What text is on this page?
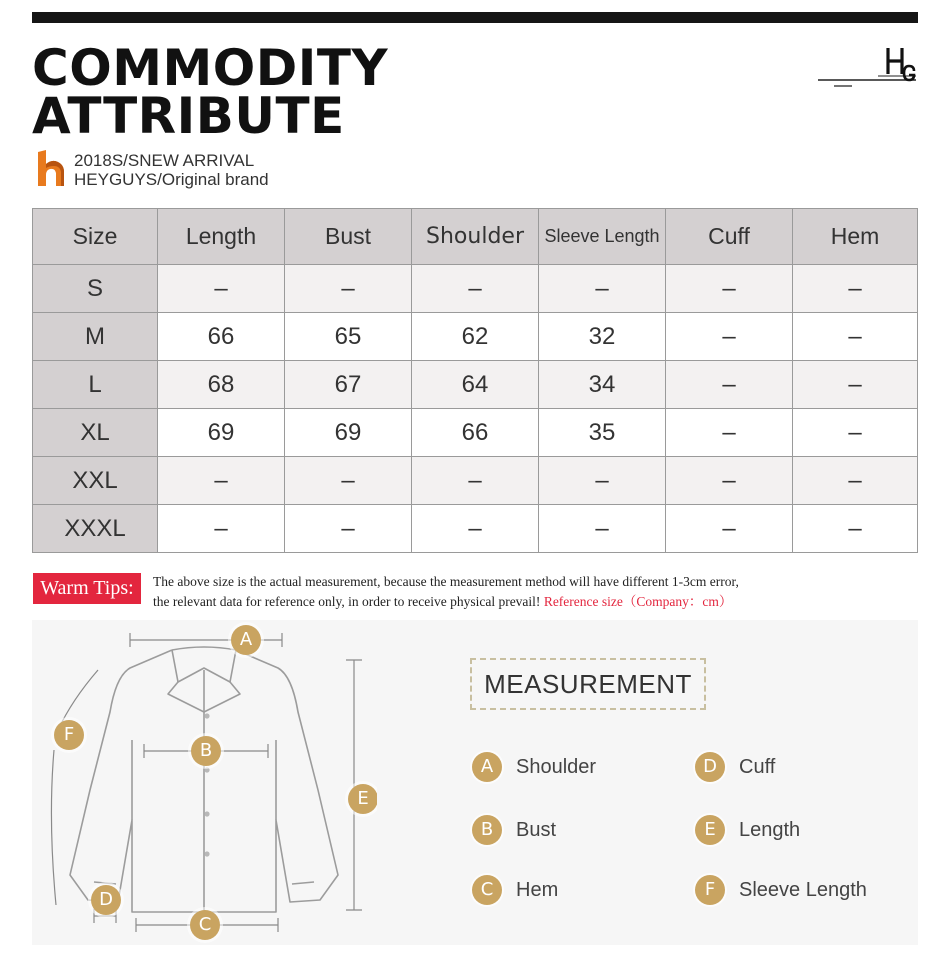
COMMODITY
ATTRIBUTE
2018S/SNEW ARRIVAL
HEYGUYS/Original brand
Size	Length	Bust	Shoulder	Sleeve Length	Cuff	Hem
S	–	–	–	–	–	–
M	66	65	62	32	–	–
L	68	67	64	34	–	–
XL	69	69	66	35	–	–
XXL	–	–	–	–	–	–
XXXL	–	–	–	–	–	–
Warm Tips:	The above size is the actual measurement, because the measurement method will have different 1-3cm error,
the relevant data for reference only, in order to receive physical prevail! Reference size（Company：cm）
A
B
C
D
E
F
MEASUREMENT
A	Shoulder
B	Bust
C	Hem
D	Cuff
E	Length
F	Sleeve Length
